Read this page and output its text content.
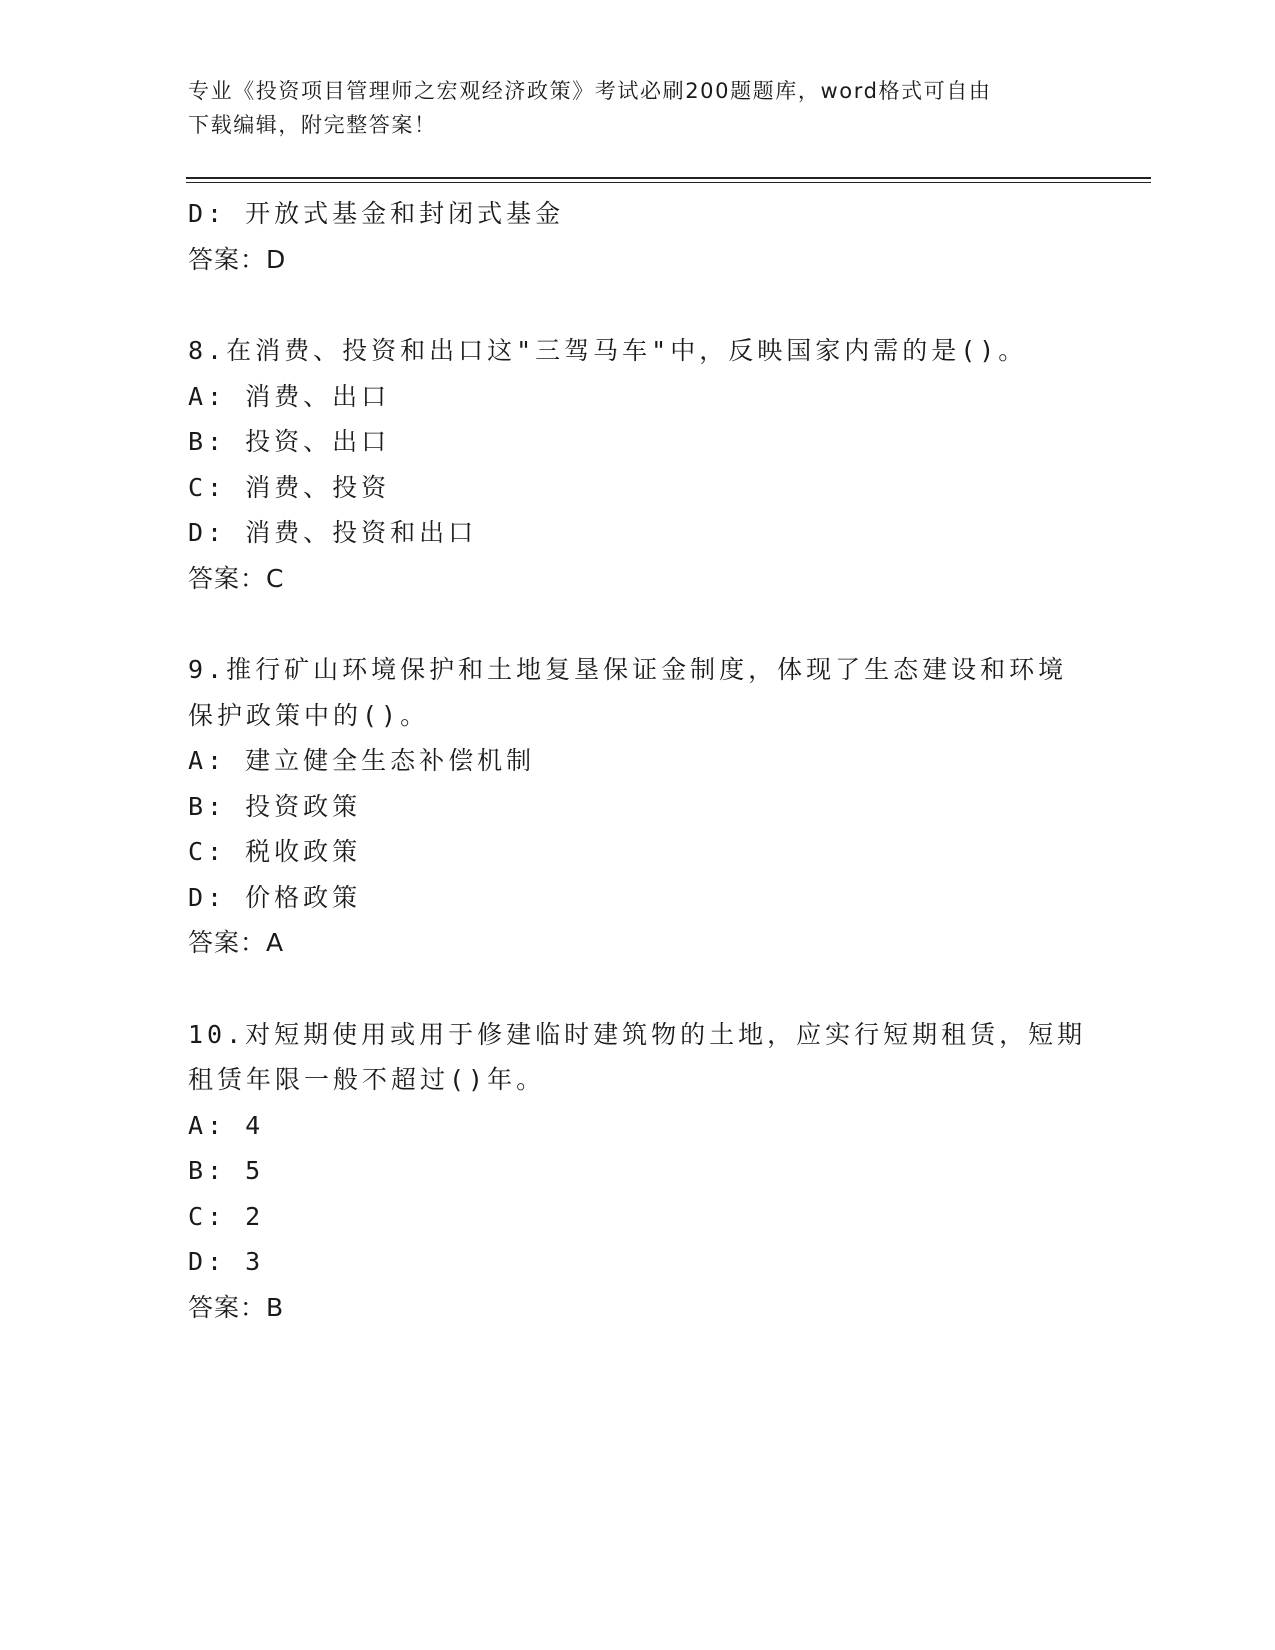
专业《投资项目管理师之宏观经济政策》考试必刷200题题库，word格式可自由
下载编辑，附完整答案！
D: 开放式基金和封闭式基金
答案：D
8.在消费、投资和出口这"三驾马车"中，反映国家内需的是()。
A: 消费、出口
B: 投资、出口
C: 消费、投资
D: 消费、投资和出口
答案：C
9.推行矿山环境保护和土地复垦保证金制度，体现了生态建设和环境
保护政策中的()。
A: 建立健全生态补偿机制
B: 投资政策
C: 税收政策
D: 价格政策
答案：A
10.对短期使用或用于修建临时建筑物的土地，应实行短期租赁，短期
租赁年限一般不超过()年。
A: 4
B: 5
C: 2
D: 3
答案：B
